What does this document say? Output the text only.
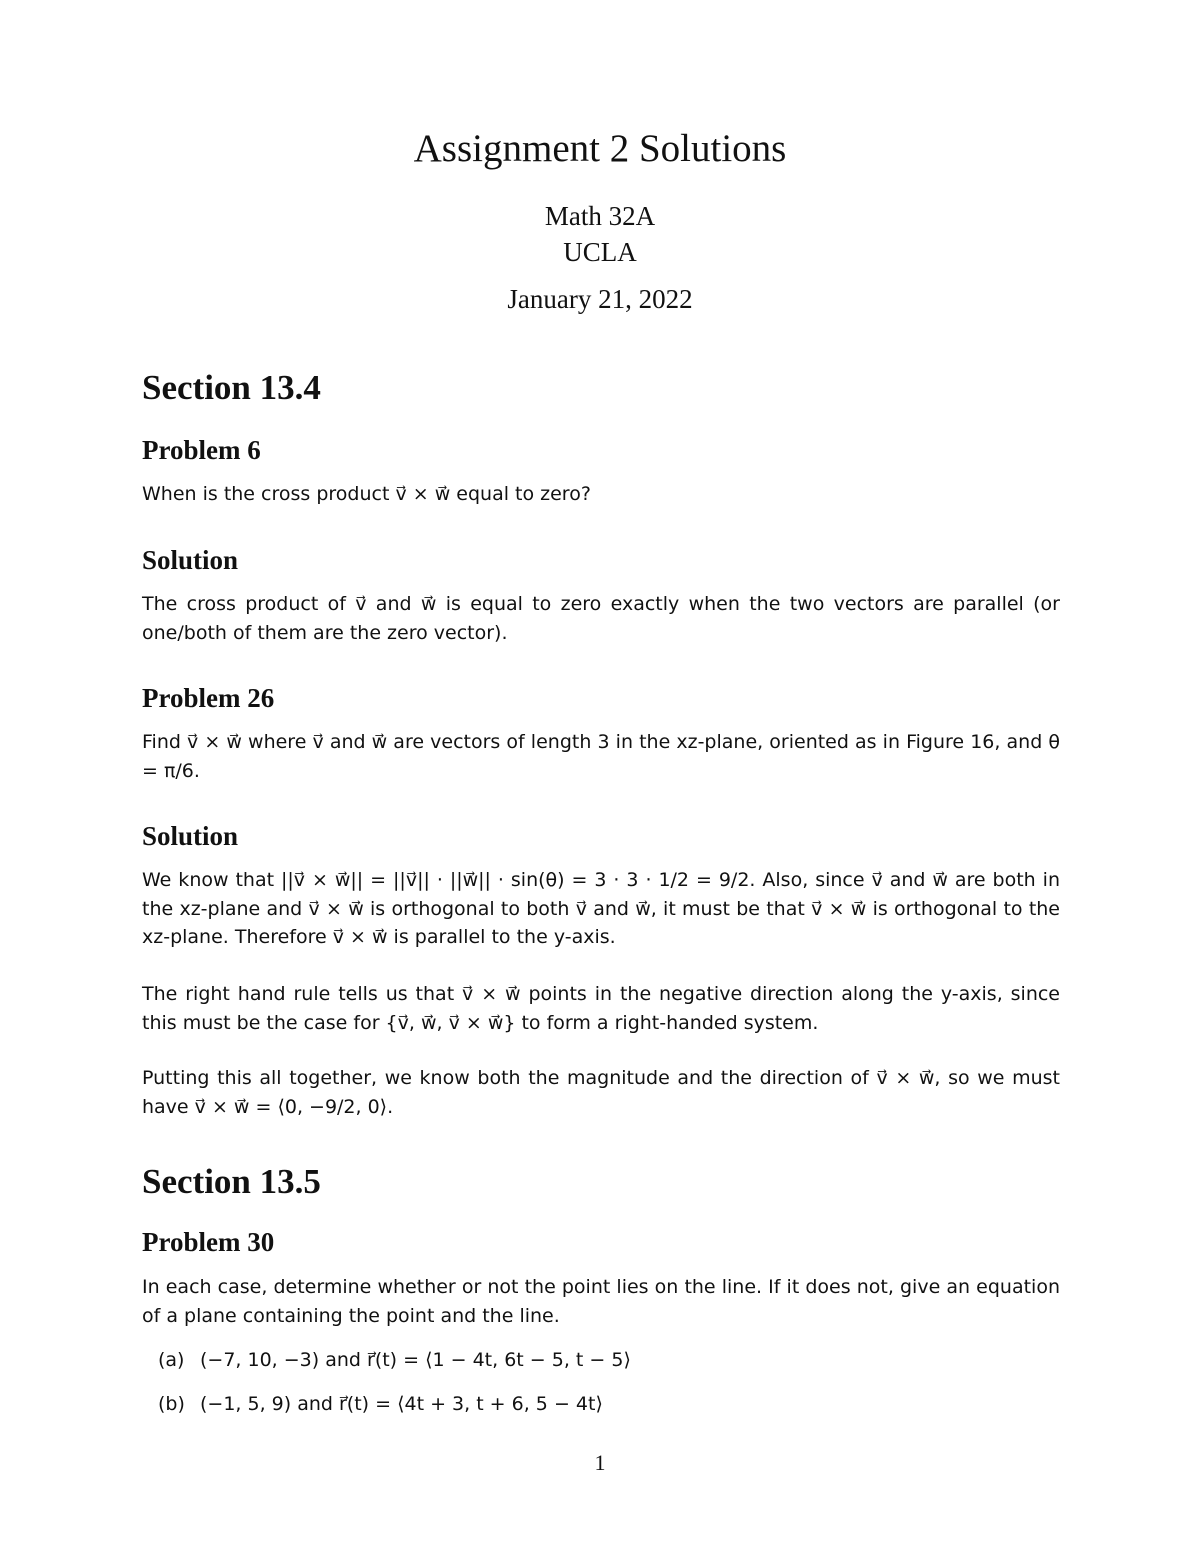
Assignment 2 Solutions
Math 32A
UCLA
January 21, 2022
Section 13.4
Problem 6
When is the cross product v⃗ × w⃗ equal to zero?
Solution
The cross product of v⃗ and w⃗ is equal to zero exactly when the two vectors are parallel (or one/both of them are the zero vector).
Problem 26
Find v⃗ × w⃗ where v⃗ and w⃗ are vectors of length 3 in the xz-plane, oriented as in Figure 16, and θ = π/6.
Solution
We know that ||v⃗ × w⃗|| = ||v⃗|| · ||w⃗|| · sin(θ) = 3 · 3 · 1/2 = 9/2. Also, since v⃗ and w⃗ are both in the xz-plane and v⃗ × w⃗ is orthogonal to both v⃗ and w⃗, it must be that v⃗ × w⃗ is orthogonal to the xz-plane. Therefore v⃗ × w⃗ is parallel to the y-axis.
The right hand rule tells us that v⃗ × w⃗ points in the negative direction along the y-axis, since this must be the case for {v⃗, w⃗, v⃗ × w⃗} to form a right-handed system.
Putting this all together, we know both the magnitude and the direction of v⃗ × w⃗, so we must have v⃗ × w⃗ = ⟨0, −9/2, 0⟩.
Section 13.5
Problem 30
In each case, determine whether or not the point lies on the line. If it does not, give an equation of a plane containing the point and the line.
(a) (−7, 10, −3) and r⃗(t) = ⟨1 − 4t, 6t − 5, t − 5⟩
(b) (−1, 5, 9) and r⃗(t) = ⟨4t + 3, t + 6, 5 − 4t⟩
1
